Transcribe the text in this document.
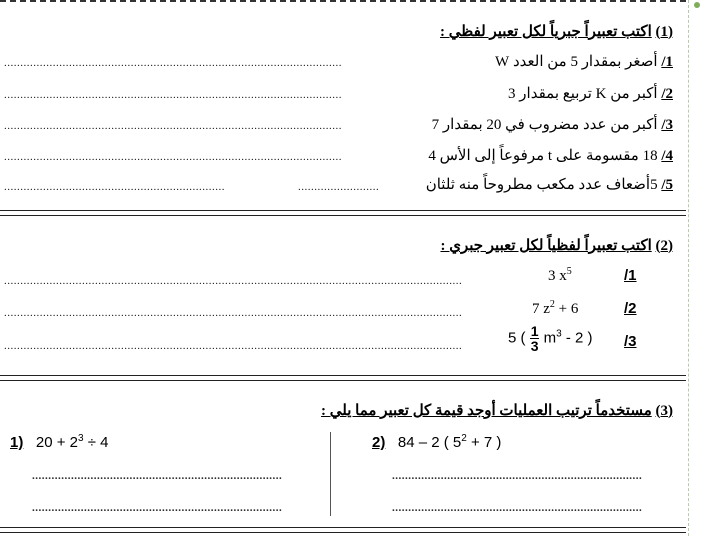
(1) اكتب تعبيراً جبرياً لكل تعبير لفظي :
1/ أصغر بمقدار 5 من العدد W
.....
2/ أكبر من K تربيع بمقدار 3
.....
3/ أكبر من عدد مضروب في 20 بمقدار 7
.....
4/ 18 مقسومة على t مرفوعاً إلى الأس 4
.....
5/ 5أضعاف عدد مكعب مطروحاً منه ثلثان
.....
.....
(2) اكتب تعبيراً لفظياً لكل تعبير جبري :
3 $x^5$	/1
.....
7 $z^2 + 6$	/2
.....
5 ( $\frac{1}{3} m^3 - 2$ ) /3
.....
(3) مستخدماً ترتيب العمليات أوجد قيمة كل تعبير مما يلي :
1) $20 + 2^3 \div 4$	2) 84 – 2 ( $5^2 + 7$ )
.....
.....
.....
.....
